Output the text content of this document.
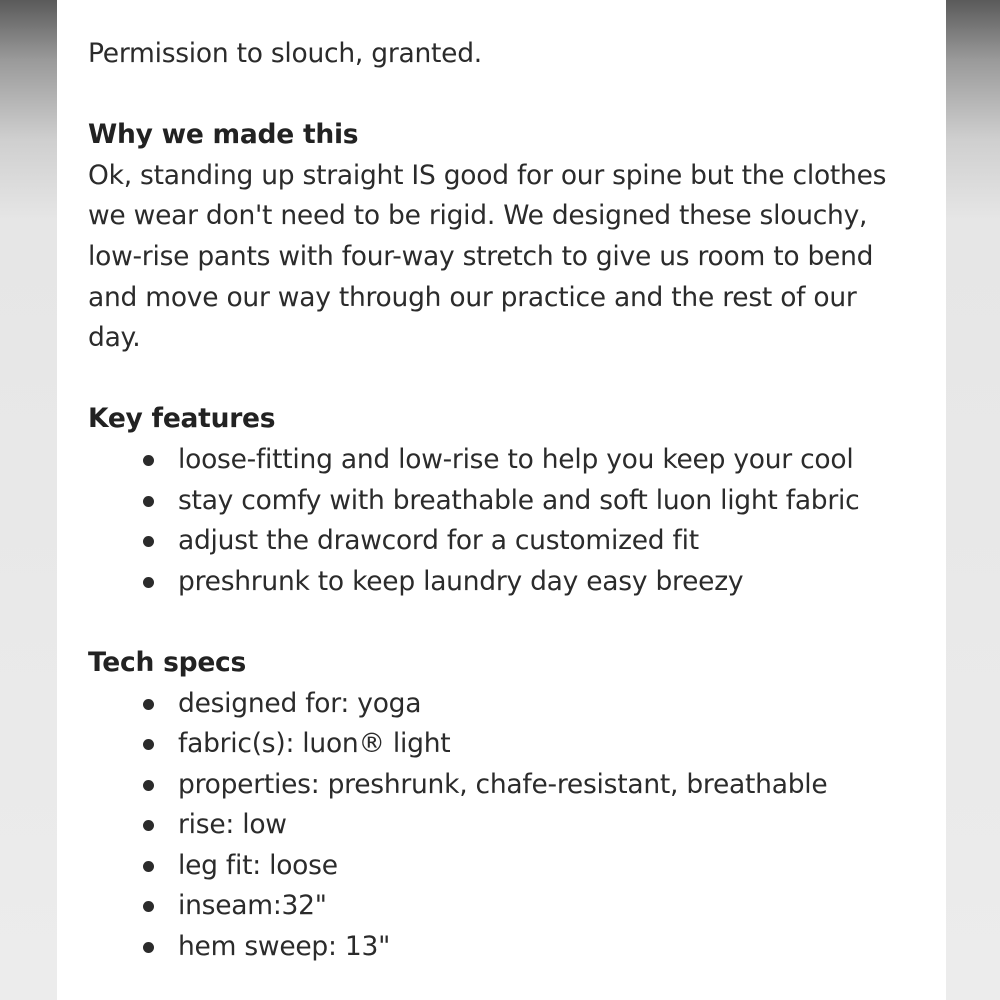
Permission to slouch, granted.

Why we made this

Ok, standing up straight IS good for our spine but the clothes we wear don't need to be rigid. We designed these slouchy, low-rise pants with four-way stretch to give us room to bend and move our way through our practice and the rest of our day.

Key features

loose-fitting and low-rise to help you keep your cool
stay comfy with breathable and soft luon light fabric
adjust the drawcord for a customized fit
preshrunk to keep laundry day easy breezy

Tech specs

designed for: yoga
fabric(s): luon® light
properties: preshrunk, chafe-resistant, breathable
rise: low
leg fit: loose
inseam:32"
hem sweep: 13"
